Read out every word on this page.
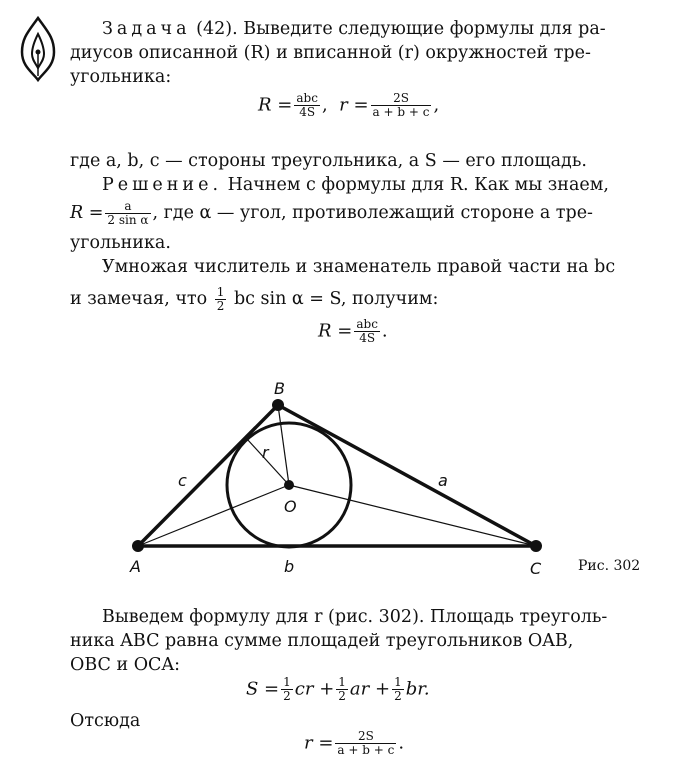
Задача (42). Выведите следующие формулы для ра-
диусов описанной (R) и вписанной (r) окружностей тре-
угольника:
$R = \frac{\text{abc}}{4S}$ ,  $r = \frac{2S}{a + b + c}$ ,
где a, b, c — стороны треугольника, а S — его площадь.
Решение. Начнем с формулы для R. Как мы знаем,
$R = \frac{a}{\text{2 sin α}}$ , где α — угол, противолежащий стороне a тре-
угольника.
Умножая числитель и знаменатель правой части на bc
и замечая, что $\frac{1}{2}$ bc sin α = S, получим:
$R = \frac{\text{abc}}{4S}$ .
A
B
C
O
a
b
c
r
Рис. 302
Выведем формулу для r (рис. 302). Площадь треуголь-
ника ABC равна сумме площадей треугольников OAB,
OBC и OCA:
$S = \frac{1}{2}$ cr + $\frac{1}{2}$ ar + $\frac{1}{2}$ br.
Отсюда
$r = \frac{2S}{a + b + c}$ .
